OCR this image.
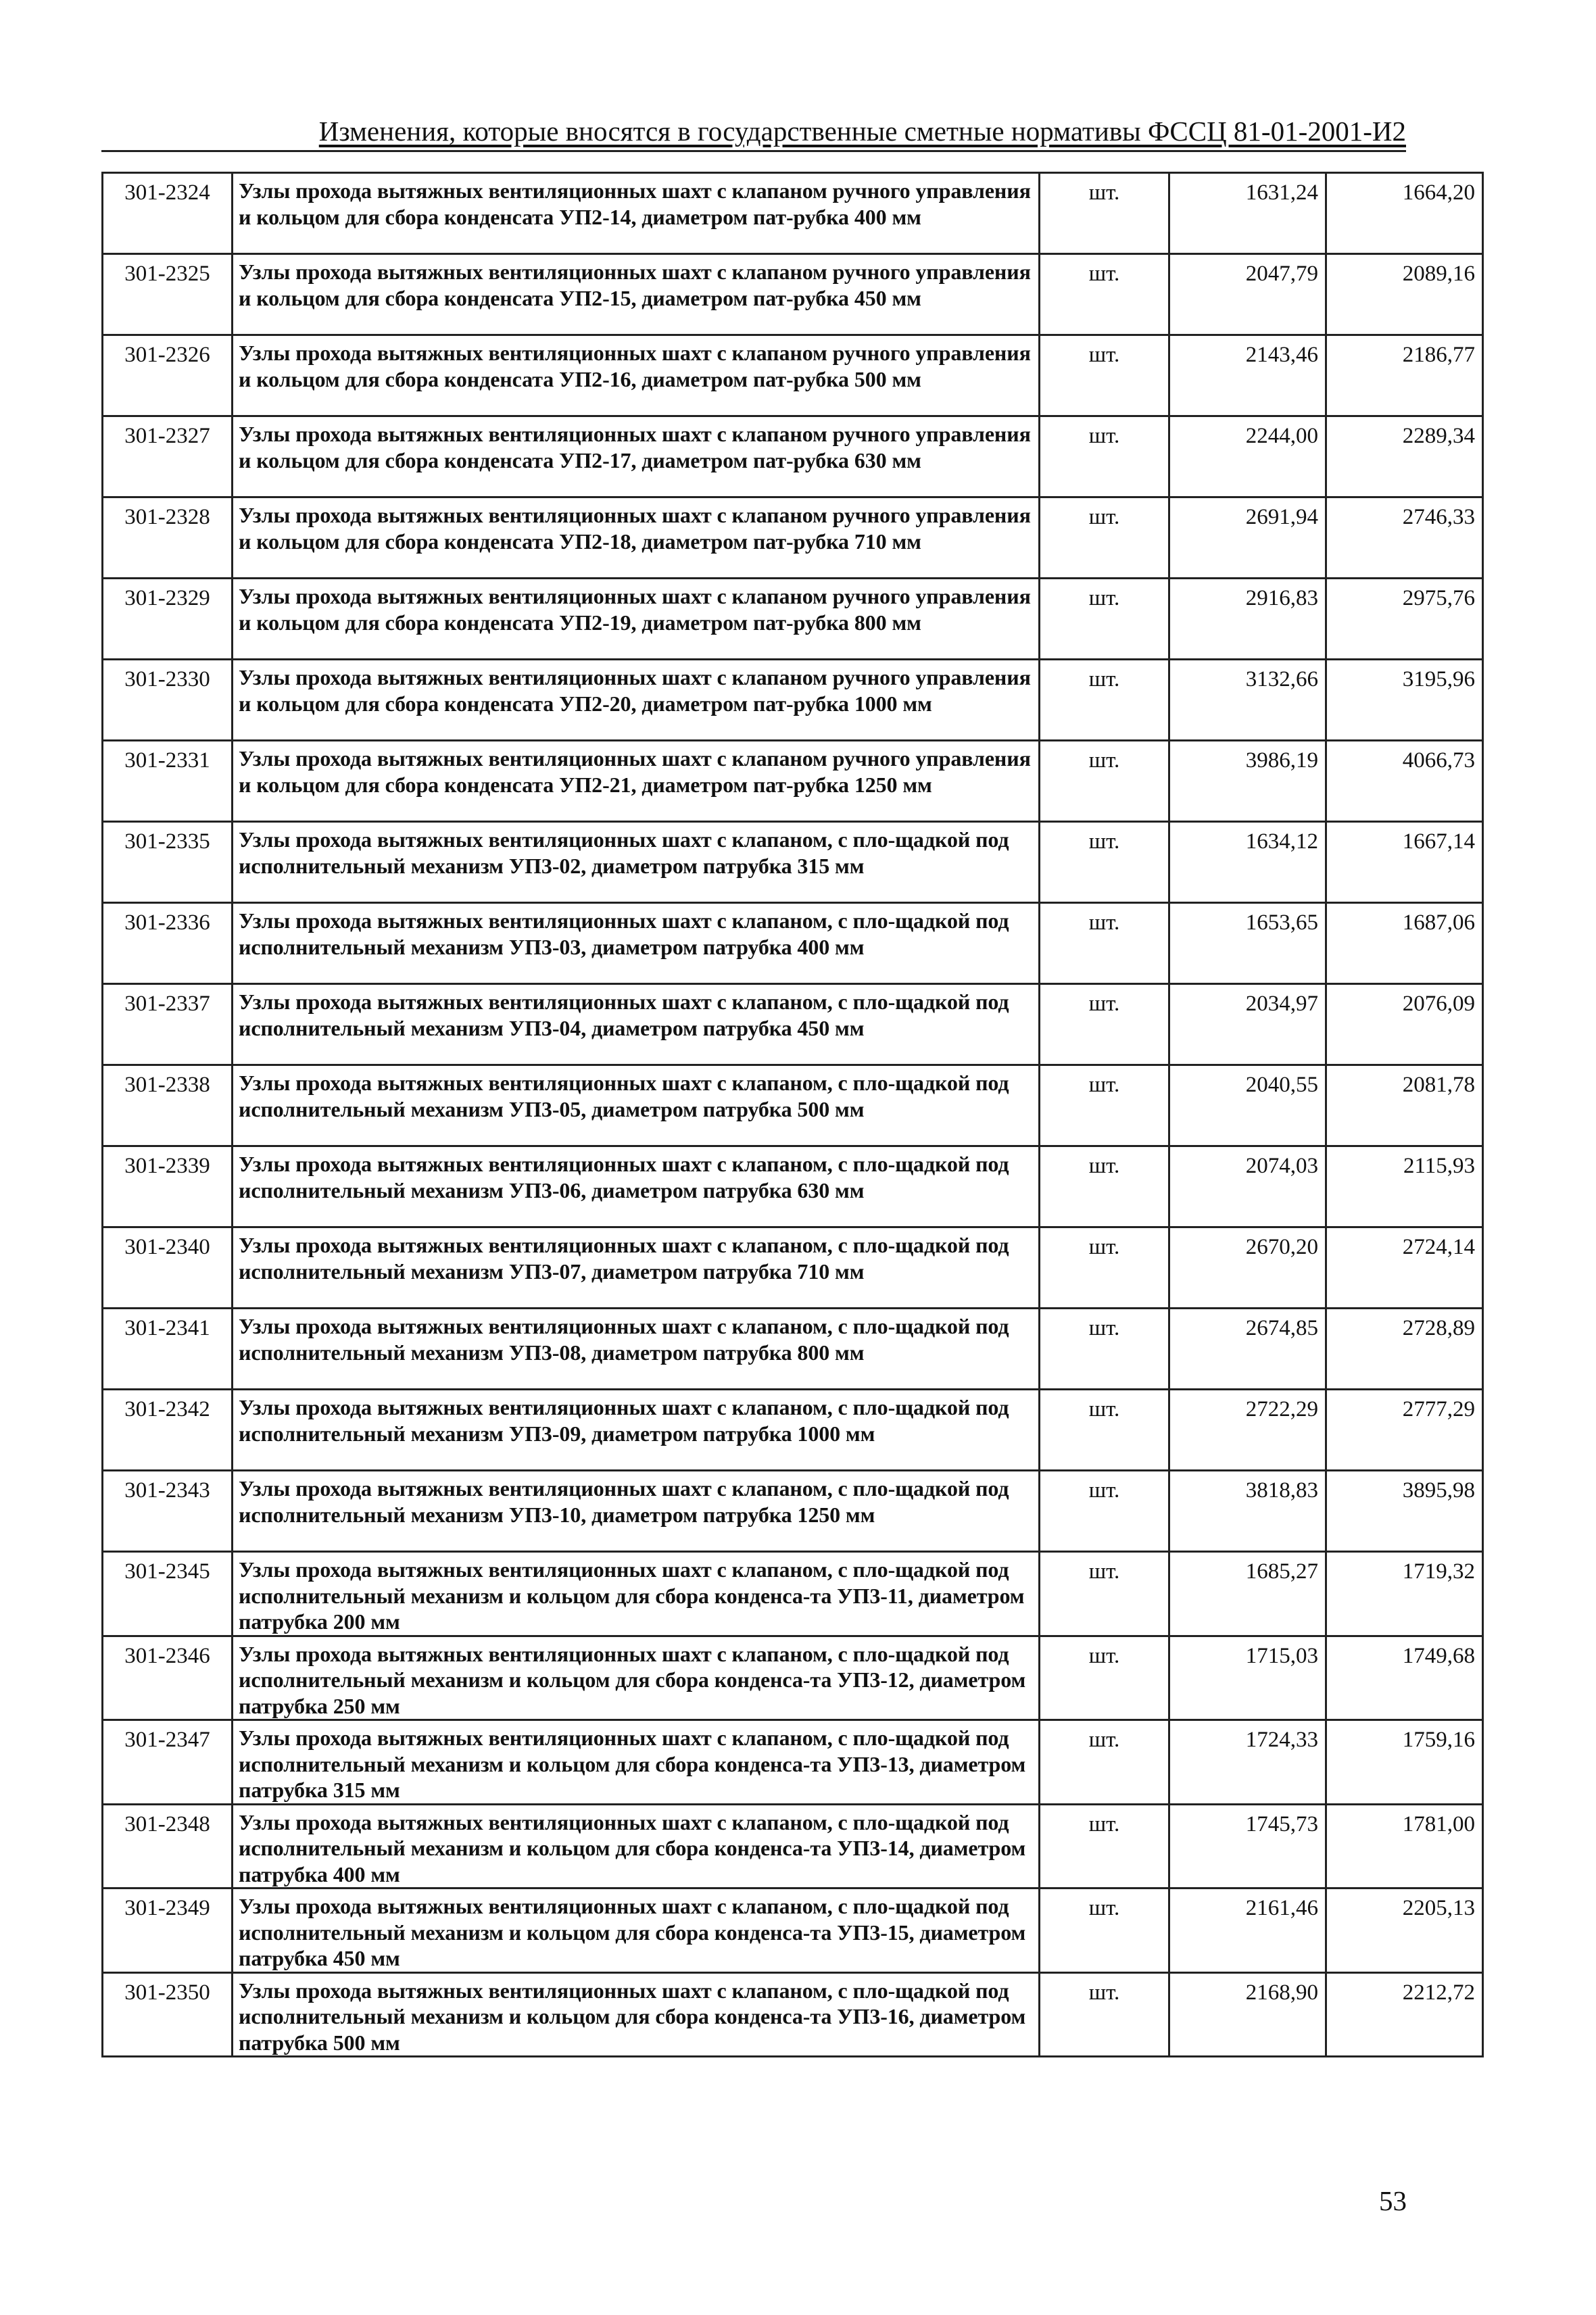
Изменения, которые вносятся в государственные сметные нормативы ФССЦ 81-01-2001-И2
301-2324	Узлы прохода вытяжных вентиляционных шахт с клапаном ручного управления и кольцом для сбора конденсата УП2-14, диаметром пат-рубка 400 мм	шт.	1631,24	1664,20
301-2325	Узлы прохода вытяжных вентиляционных шахт с клапаном ручного управления и кольцом для сбора конденсата УП2-15, диаметром пат-рубка 450 мм	шт.	2047,79	2089,16
301-2326	Узлы прохода вытяжных вентиляционных шахт с клапаном ручного управления и кольцом для сбора конденсата УП2-16, диаметром пат-рубка 500 мм	шт.	2143,46	2186,77
301-2327	Узлы прохода вытяжных вентиляционных шахт с клапаном ручного управления и кольцом для сбора конденсата УП2-17, диаметром пат-рубка 630 мм	шт.	2244,00	2289,34
301-2328	Узлы прохода вытяжных вентиляционных шахт с клапаном ручного управления и кольцом для сбора конденсата УП2-18, диаметром пат-рубка 710 мм	шт.	2691,94	2746,33
301-2329	Узлы прохода вытяжных вентиляционных шахт с клапаном ручного управления и кольцом для сбора конденсата УП2-19, диаметром пат-рубка 800 мм	шт.	2916,83	2975,76
301-2330	Узлы прохода вытяжных вентиляционных шахт с клапаном ручного управления и кольцом для сбора конденсата УП2-20, диаметром пат-рубка 1000 мм	шт.	3132,66	3195,96
301-2331	Узлы прохода вытяжных вентиляционных шахт с клапаном ручного управления и кольцом для сбора конденсата УП2-21, диаметром пат-рубка 1250 мм	шт.	3986,19	4066,73
301-2335	Узлы прохода вытяжных вентиляционных шахт с клапаном, с пло-щадкой под исполнительный механизм УП3-02, диаметром патрубка 315 мм	шт.	1634,12	1667,14
301-2336	Узлы прохода вытяжных вентиляционных шахт с клапаном, с пло-щадкой под исполнительный механизм УП3-03, диаметром патрубка 400 мм	шт.	1653,65	1687,06
301-2337	Узлы прохода вытяжных вентиляционных шахт с клапаном, с пло-щадкой под исполнительный механизм УП3-04, диаметром патрубка 450 мм	шт.	2034,97	2076,09
301-2338	Узлы прохода вытяжных вентиляционных шахт с клапаном, с пло-щадкой под исполнительный механизм УП3-05, диаметром патрубка 500 мм	шт.	2040,55	2081,78
301-2339	Узлы прохода вытяжных вентиляционных шахт с клапаном, с пло-щадкой под исполнительный механизм УП3-06, диаметром патрубка 630 мм	шт.	2074,03	2115,93
301-2340	Узлы прохода вытяжных вентиляционных шахт с клапаном, с пло-щадкой под исполнительный механизм УП3-07, диаметром патрубка 710 мм	шт.	2670,20	2724,14
301-2341	Узлы прохода вытяжных вентиляционных шахт с клапаном, с пло-щадкой под исполнительный механизм УП3-08, диаметром патрубка 800 мм	шт.	2674,85	2728,89
301-2342	Узлы прохода вытяжных вентиляционных шахт с клапаном, с пло-щадкой под исполнительный механизм УП3-09, диаметром патрубка 1000 мм	шт.	2722,29	2777,29
301-2343	Узлы прохода вытяжных вентиляционных шахт с клапаном, с пло-щадкой под исполнительный механизм УП3-10, диаметром патрубка 1250 мм	шт.	3818,83	3895,98
301-2345	Узлы прохода вытяжных вентиляционных шахт с клапаном, с пло-щадкой под исполнительный механизм и кольцом для сбора конденса-та УП3-11, диаметром патрубка 200 мм	шт.	1685,27	1719,32
301-2346	Узлы прохода вытяжных вентиляционных шахт с клапаном, с пло-щадкой под исполнительный механизм и кольцом для сбора конденса-та УП3-12, диаметром патрубка 250 мм	шт.	1715,03	1749,68
301-2347	Узлы прохода вытяжных вентиляционных шахт с клапаном, с пло-щадкой под исполнительный механизм и кольцом для сбора конденса-та УП3-13, диаметром патрубка 315 мм	шт.	1724,33	1759,16
301-2348	Узлы прохода вытяжных вентиляционных шахт с клапаном, с пло-щадкой под исполнительный механизм и кольцом для сбора конденса-та УП3-14, диаметром патрубка 400 мм	шт.	1745,73	1781,00
301-2349	Узлы прохода вытяжных вентиляционных шахт с клапаном, с пло-щадкой под исполнительный механизм и кольцом для сбора конденса-та УП3-15, диаметром патрубка 450 мм	шт.	2161,46	2205,13
301-2350	Узлы прохода вытяжных вентиляционных шахт с клапаном, с пло-щадкой под исполнительный механизм и кольцом для сбора конденса-та УП3-16, диаметром патрубка 500 мм	шт.	2168,90	2212,72
53
